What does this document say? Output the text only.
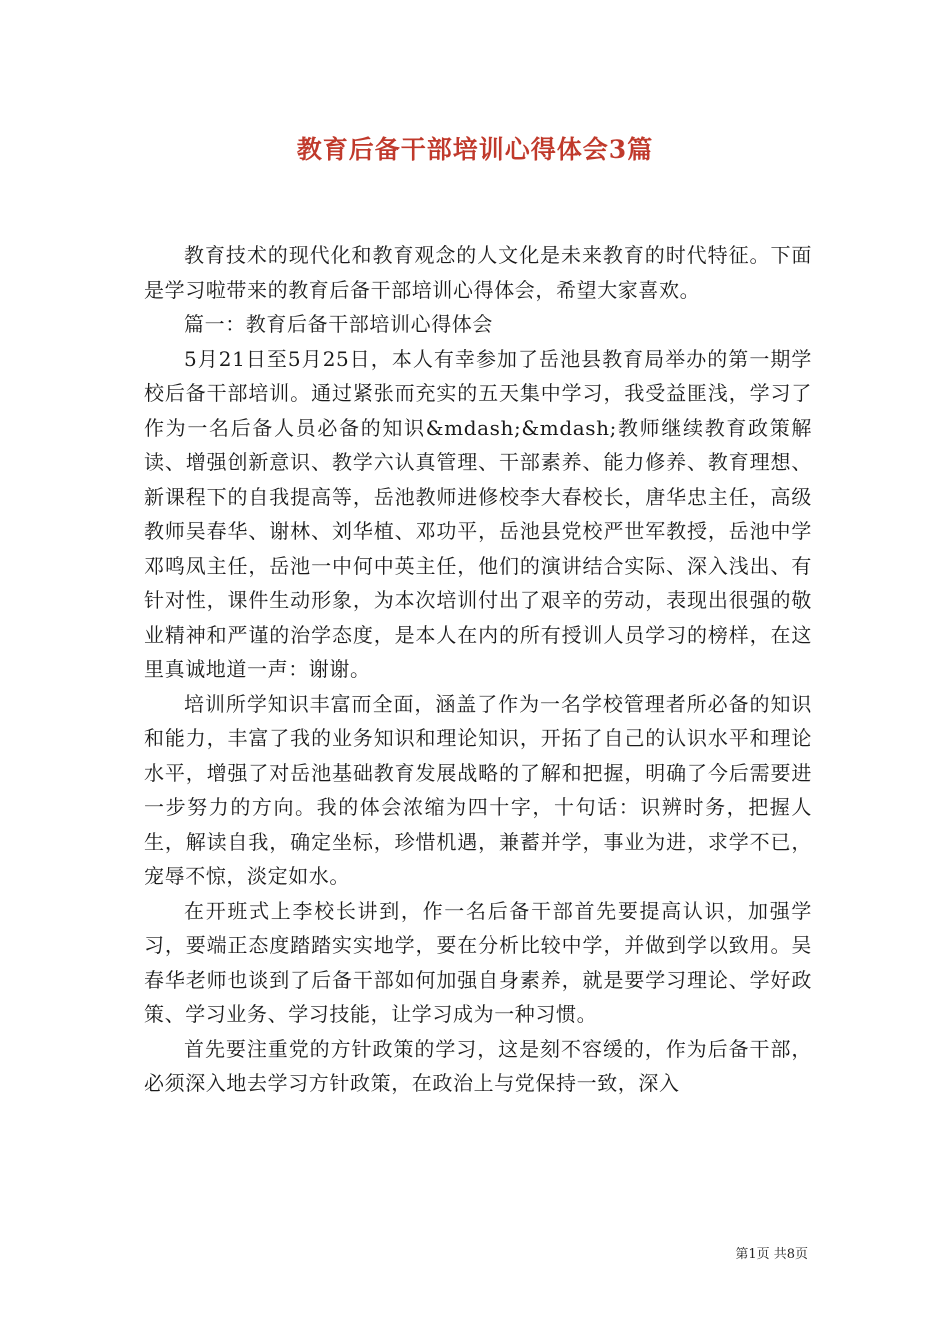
教育后备干部培训心得体会3篇

教育技术的现代化和教育观念的人文化是未来教育的时代特征。下面是学习啦带来的教育后备干部培训心得体会，希望大家喜欢。

篇一：教育后备干部培训心得体会

5月21日至5月25日，本人有幸参加了岳池县教育局举办的第一期学校后备干部培训。通过紧张而充实的五天集中学习，我受益匪浅，学习了作为一名后备人员必备的知识&mdash;&mdash;教师继续教育政策解读、增强创新意识、教学六认真管理、干部素养、能力修养、教育理想、新课程下的自我提高等，岳池教师进修校李大春校长，唐华忠主任，高级教师吴春华、谢林、刘华植、邓功平，岳池县党校严世军教授，岳池中学邓鸣凤主任，岳池一中何中英主任，他们的演讲结合实际、深入浅出、有针对性，课件生动形象，为本次培训付出了艰辛的劳动，表现出很强的敬业精神和严谨的治学态度，是本人在内的所有授训人员学习的榜样，在这里真诚地道一声：谢谢。

培训所学知识丰富而全面，涵盖了作为一名学校管理者所必备的知识和能力，丰富了我的业务知识和理论知识，开拓了自己的认识水平和理论水平，增强了对岳池基础教育发展战略的了解和把握，明确了今后需要进一步努力的方向。我的体会浓缩为四十字，十句话：识辨时务，把握人生，解读自我，确定坐标，珍惜机遇，兼蓄并学，事业为进，求学不已，宠辱不惊，淡定如水。

在开班式上李校长讲到，作一名后备干部首先要提高认识，加强学习，要端正态度踏踏实实地学，要在分析比较中学，并做到学以致用。吴春华老师也谈到了后备干部如何加强自身素养，就是要学习理论、学好政策、学习业务、学习技能，让学习成为一种习惯。

首先要注重党的方针政策的学习，这是刻不容缓的，作为后备干部，必须深入地去学习方针政策，在政治上与党保持一致，深入

第1页 共8页
